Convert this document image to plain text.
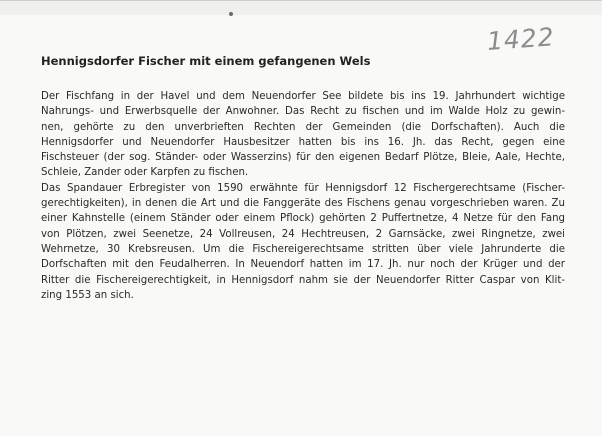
1422
Hennigsdorfer Fischer mit einem gefangenen Wels
Der Fischfang in der Havel und dem Neuendorfer See bildete bis ins 19. Jahrhundert wichtige
Nahrungs- und Erwerbsquelle der Anwohner. Das Recht zu fischen und im Walde Holz zu gewin-
nen, gehörte zu den unverbrieften Rechten der Gemeinden (die Dorfschaften). Auch die
Hennigsdorfer und Neuendorfer Hausbesitzer hatten bis ins 16. Jh. das Recht, gegen eine
Fischsteuer (der sog. Ständer- oder Wasserzins) für den eigenen Bedarf Plötze, Bleie, Aale, Hechte,
Schleie, Zander oder Karpfen zu fischen.
Das Spandauer Erbregister von 1590 erwähnte für Hennigsdorf 12 Fischergerechtsame (Fischer-
gerechtigkeiten), in denen die Art und die Fanggeräte des Fischens genau vorgeschrieben waren. Zu
einer Kahnstelle (einem Ständer oder einem Pflock) gehörten 2 Puffertnetze, 4 Netze für den Fang
von Plötzen, zwei Seenetze, 24 Vollreusen, 24 Hechtreusen, 2 Garnsäcke, zwei Ringnetze, zwei
Wehrnetze, 30 Krebsreusen. Um die Fischereigerechtsame stritten über viele Jahrunderte die
Dorfschaften mit den Feudalherren. In Neuendorf hatten im 17. Jh. nur noch der Krüger und der
Ritter die Fischereigerechtigkeit, in Hennigsdorf nahm sie der Neuendorfer Ritter Caspar von Klit-
zing 1553 an sich.
